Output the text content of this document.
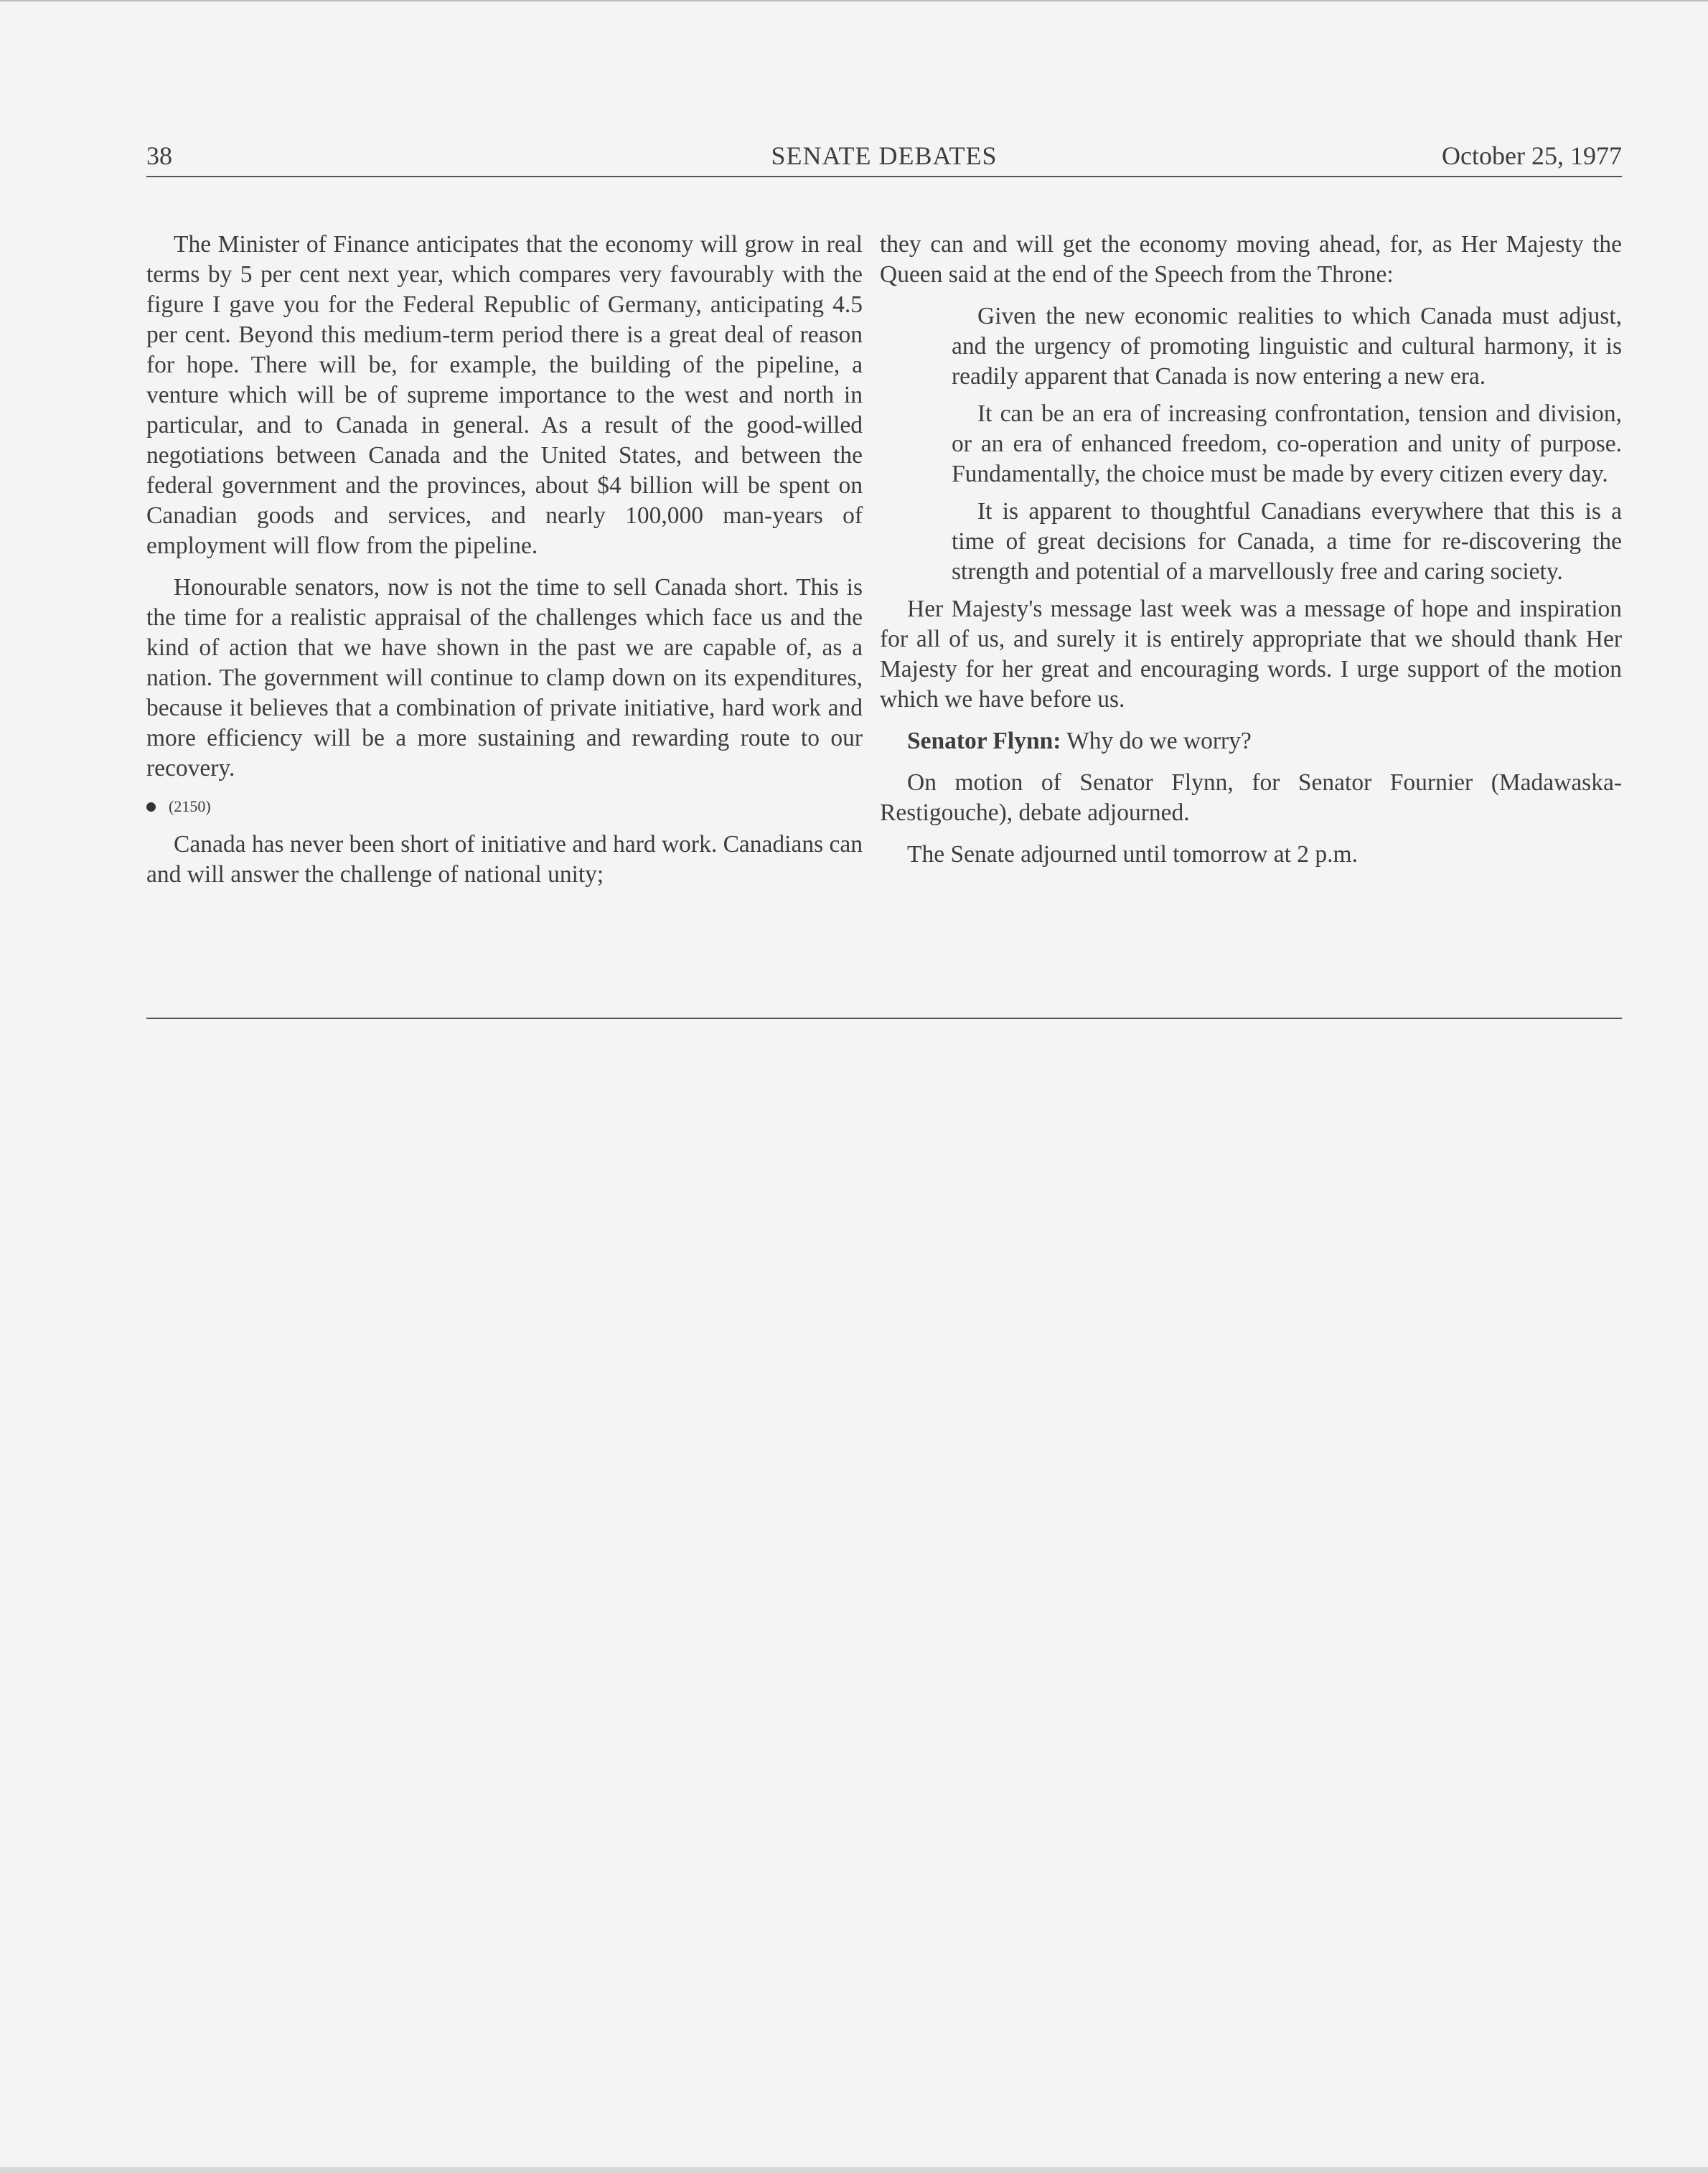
38	SENATE DEBATES	October 25, 1977

The Minister of Finance anticipates that the economy will grow in real terms by 5 per cent next year, which compares very favourably with the figure I gave you for the Federal Republic of Germany, anticipating 4.5 per cent. Beyond this medium-term period there is a great deal of reason for hope. There will be, for example, the building of the pipeline, a venture which will be of supreme importance to the west and north in particular, and to Canada in general. As a result of the good-willed negotiations between Canada and the United States, and between the federal government and the provinces, about $4 billion will be spent on Canadian goods and services, and nearly 100,000 man-years of employment will flow from the pipeline.

Honourable senators, now is not the time to sell Canada short. This is the time for a realistic appraisal of the challenges which face us and the kind of action that we have shown in the past we are capable of, as a nation. The government will continue to clamp down on its expenditures, because it believes that a combination of private initiative, hard work and more efficiency will be a more sustaining and rewarding route to our recovery.

(2150)

Canada has never been short of initiative and hard work. Canadians can and will answer the challenge of national unity;

they can and will get the economy moving ahead, for, as Her Majesty the Queen said at the end of the Speech from the Throne:

Given the new economic realities to which Canada must adjust, and the urgency of promoting linguistic and cultural harmony, it is readily apparent that Canada is now entering a new era.

It can be an era of increasing confrontation, tension and division, or an era of enhanced freedom, co-operation and unity of purpose. Fundamentally, the choice must be made by every citizen every day.

It is apparent to thoughtful Canadians everywhere that this is a time of great decisions for Canada, a time for re-discovering the strength and potential of a marvellously free and caring society.

Her Majesty's message last week was a message of hope and inspiration for all of us, and surely it is entirely appropriate that we should thank Her Majesty for her great and encouraging words. I urge support of the motion which we have before us.

Senator Flynn: Why do we worry?

On motion of Senator Flynn, for Senator Fournier (Madawaska-Restigouche), debate adjourned.

The Senate adjourned until tomorrow at 2 p.m.
